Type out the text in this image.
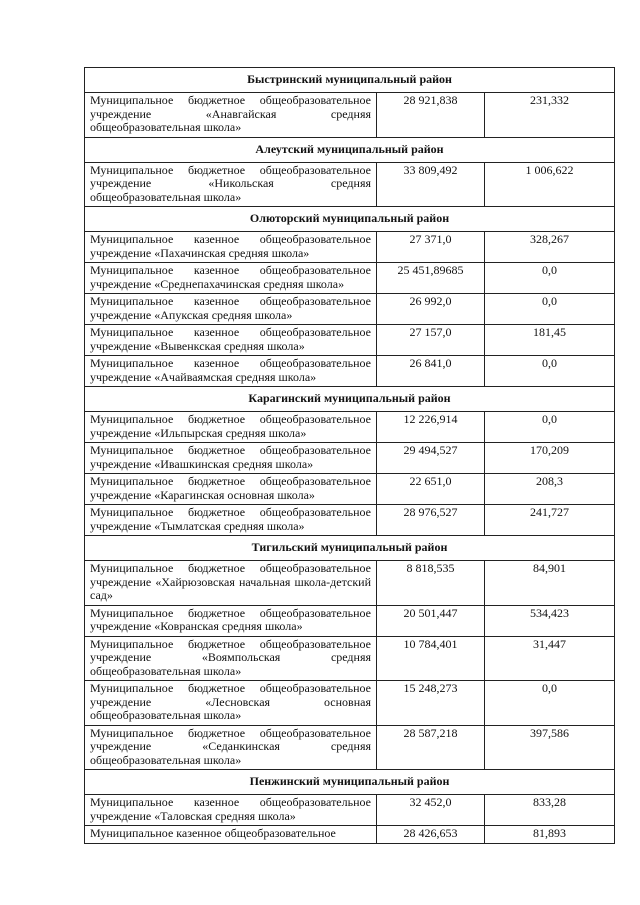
Быстринский муниципальный район		
Муниципальное бюджетное общеобразовательное учреждение «Анавгайская средняя общеобразовательная школа»	28 921,838	231,332
Алеутский муниципальный район		
Муниципальное бюджетное общеобразовательное учреждение «Никольская средняя общеобразовательная школа»	33 809,492	1 006,622
Олюторский муниципальный район		
Муниципальное казенное общеобразовательное учреждение «Пахачинская средняя школа»	27 371,0	328,267
Муниципальное казенное общеобразовательное учреждение «Среднепахачинская средняя школа»	25 451,89685	0,0
Муниципальное казенное общеобразовательное учреждение «Апукская средняя школа»	26 992,0	0,0
Муниципальное казенное общеобразовательное учреждение «Вывенкская средняя школа»	27 157,0	181,45
Муниципальное казенное общеобразовательное учреждение «Ачайваямская средняя школа»	26 841,0	0,0
Карагинский муниципальный район		
Муниципальное бюджетное общеобразовательное учреждение «Ильпырская средняя школа»	12 226,914	0,0
Муниципальное бюджетное общеобразовательное учреждение «Ивашкинская средняя школа»	29 494,527	170,209
Муниципальное бюджетное общеобразовательное учреждение «Карагинская основная школа»	22 651,0	208,3
Муниципальное бюджетное общеобразовательное учреждение «Тымлатская средняя школа»	28 976,527	241,727
Тигильский муниципальный район		
Муниципальное бюджетное общеобразовательное учреждение «Хайрюзовская начальная школа-детский сад»	8 818,535	84,901
Муниципальное бюджетное общеобразовательное учреждение «Ковранская средняя школа»	20 501,447	534,423
Муниципальное бюджетное общеобразовательное учреждение «Воямпольская средняя общеобразовательная школа»	10 784,401	31,447
Муниципальное бюджетное общеобразовательное учреждение «Лесновская основная общеобразовательная школа»	15 248,273	0,0
Муниципальное бюджетное общеобразовательное учреждение «Седанкинская средняя общеобразовательная школа»	28 587,218	397,586
Пенжинский муниципальный район		
Муниципальное казенное общеобразовательное учреждение «Таловская средняя школа»	32 452,0	833,28
Муниципальное казенное общеобразовательное	28 426,653	81,893
